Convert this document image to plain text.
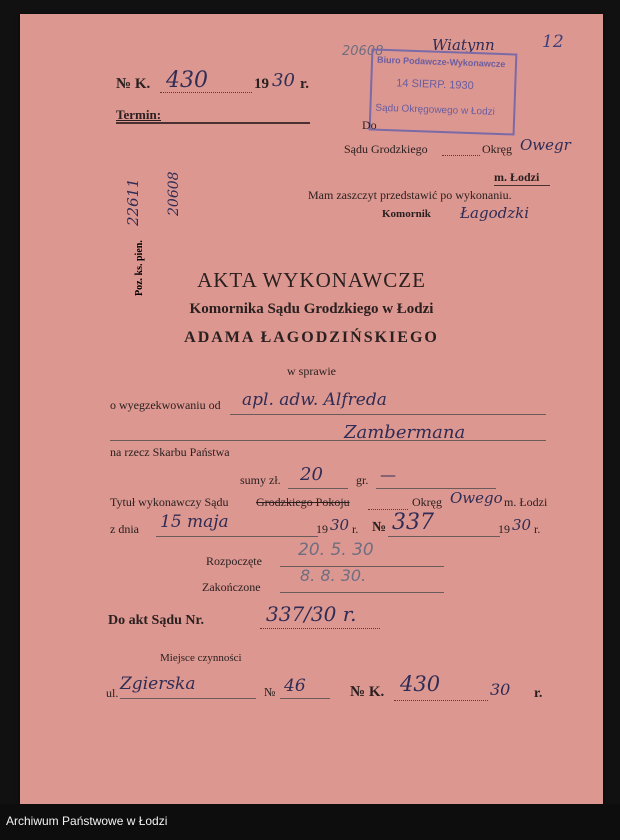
№ K. 430	19 30 r.
Termin:
12
20608	Wiatynn
Biuro Podawcze-Wykonawcze
14 SIERP. 1930
Sądu Okręgowego w Łodzi
Do
Sądu Grodzkiego	Okręg Owegr
m. Łodzi
Mam zaszczyt przedstawić po wykonaniu.
Komornik Łagodzki
Poz. ks. pien.
22611 20608
AKTA WYKONAWCZE
Komornika Sądu Grodzkiego w Łodzi
ADAMA ŁAGODZIŃSKIEGO
w sprawie
o wyegzekwowaniu od apl. adw. Alfreda
Zambermana
na rzecz Skarbu Państwa
sumy zł. 20	gr. —
Tytuł wykonawczy Sądu Grodzkiego Pokoju	Okręg Owego m. Łodzi
z dnia 15 maja	19 30 r. № 337	19 30 r.
Rozpoczęte
20. 5. 30
Zakończone
8. 8. 30.
Do akt Sądu Nr.	337/30 r.
Miejsce czynności
ul. Zgierska	№ 46	№ K. 430	30 r.
Archiwum Państwowe w Łodzi
